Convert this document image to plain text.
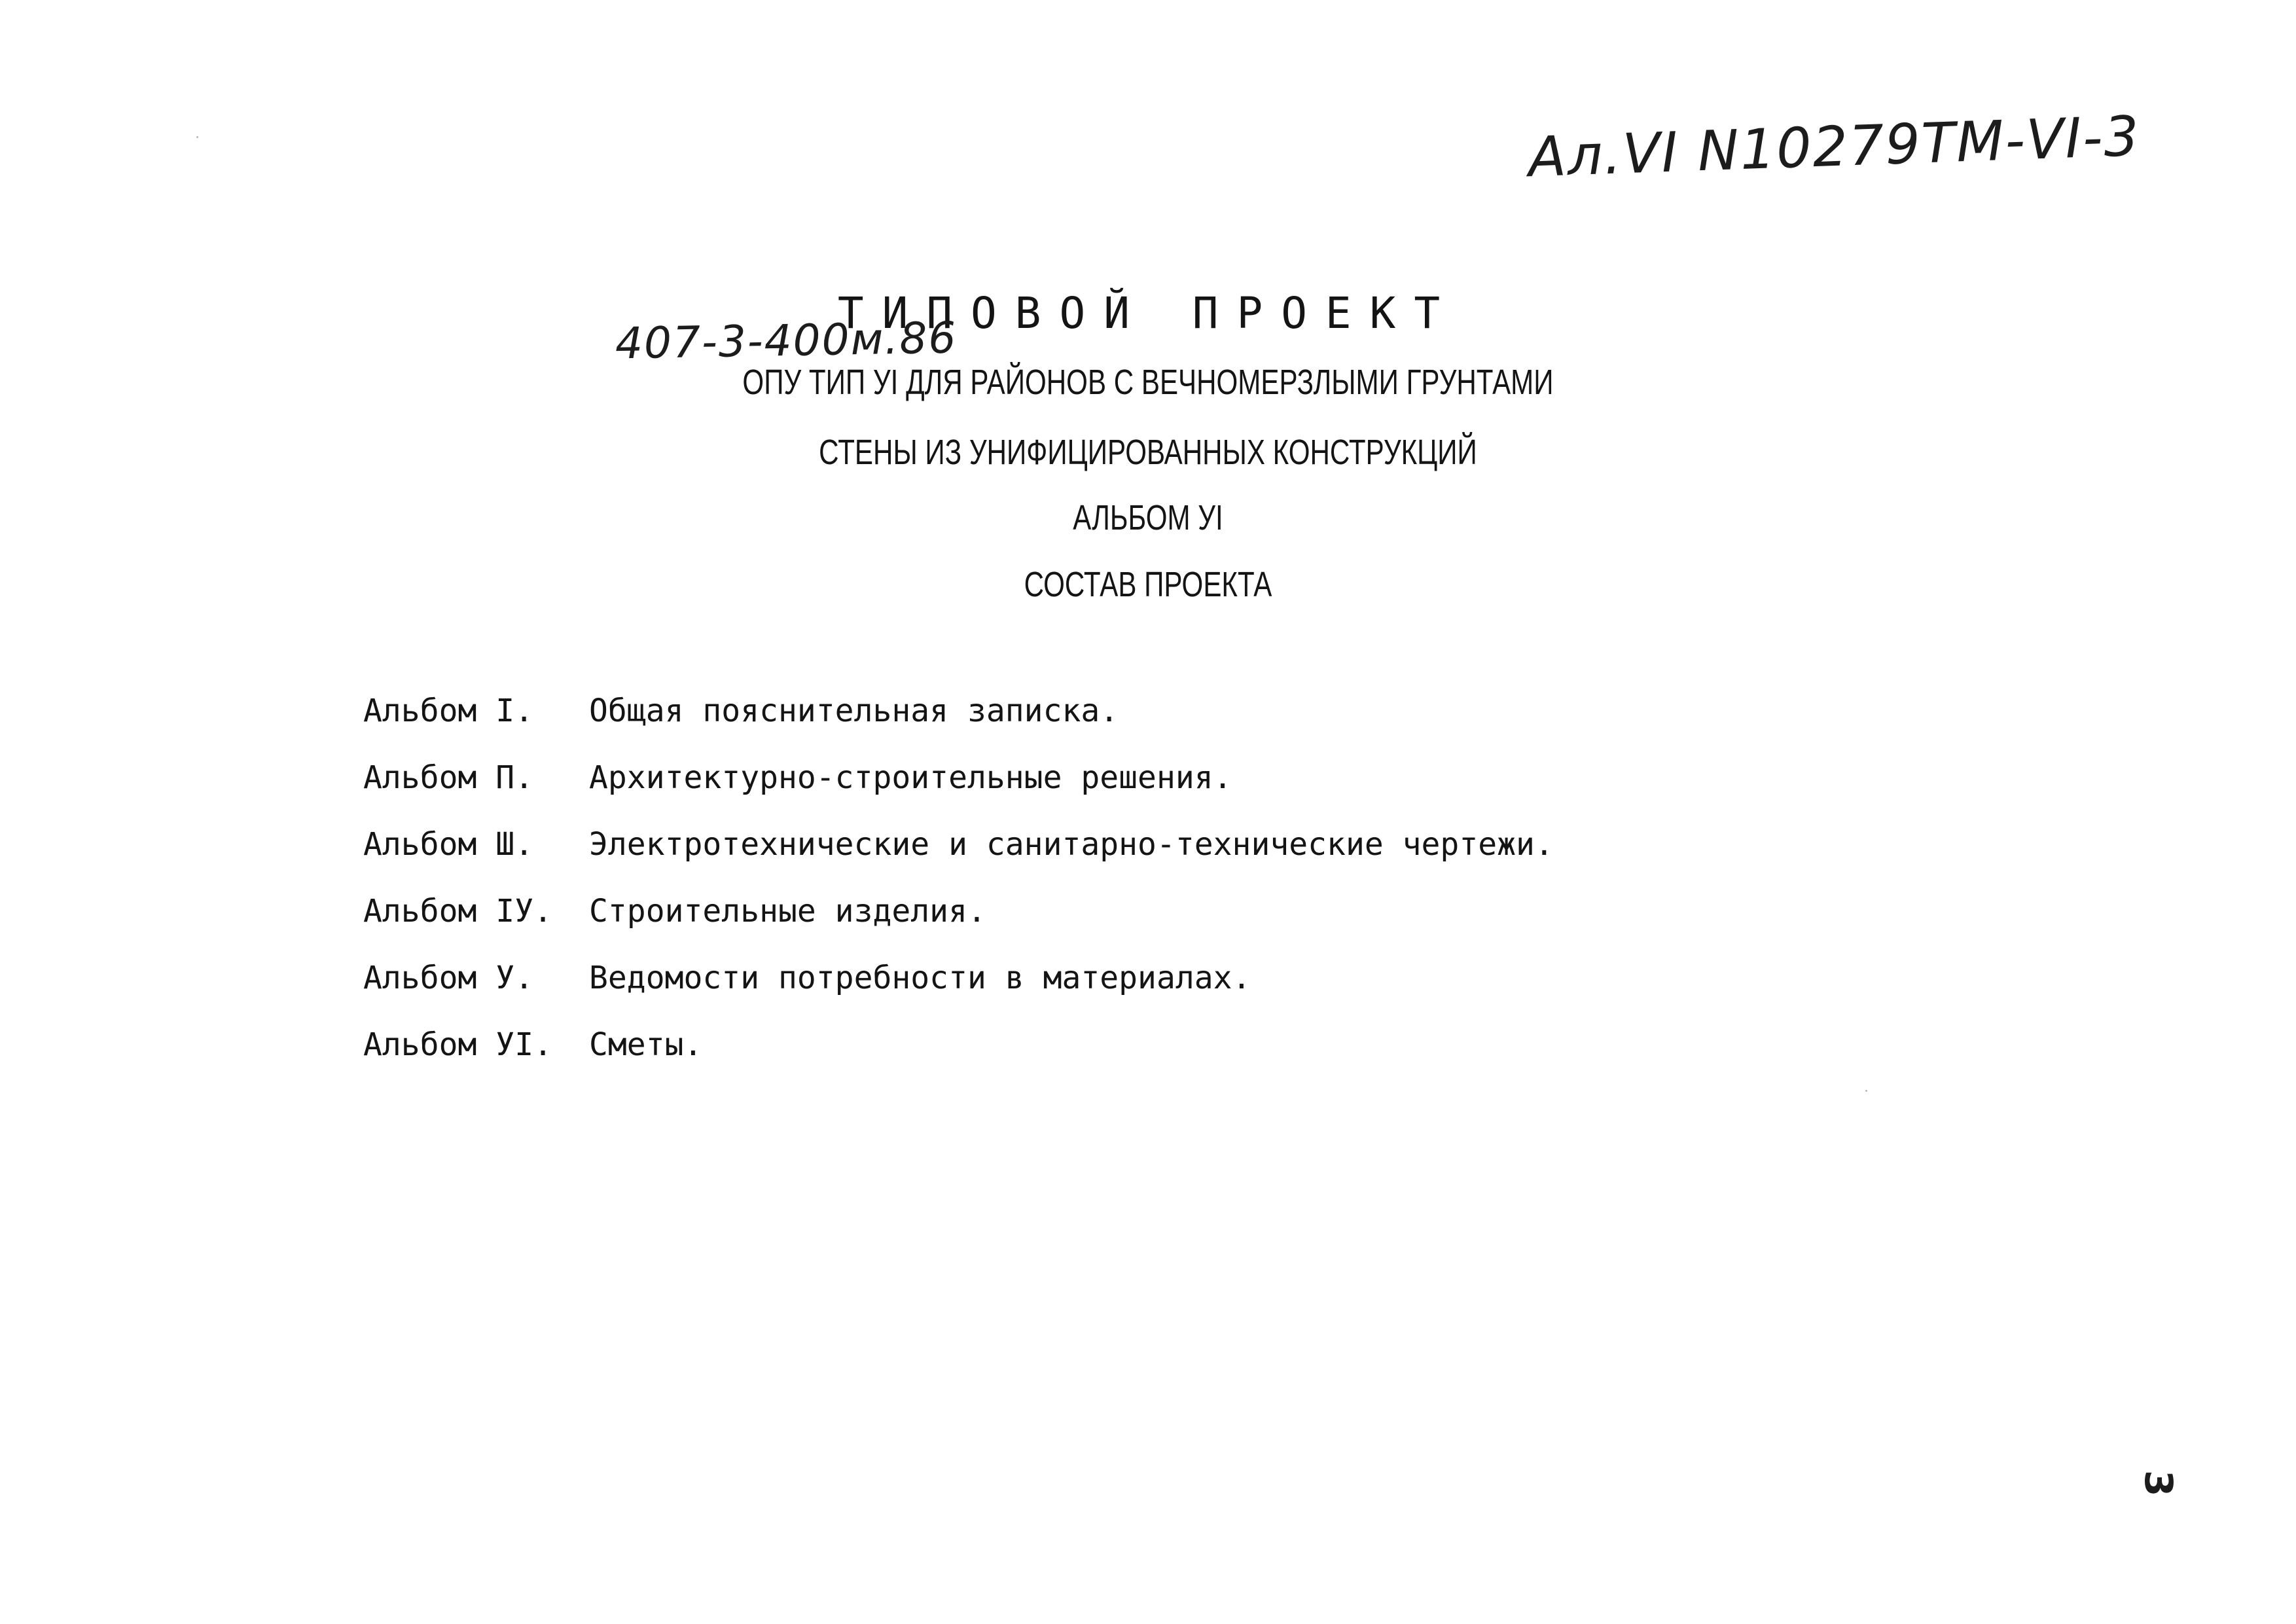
Ал.VI N10279ТМ-VI-3
ТИПОВОЙ ПРОЕКТ
407-3-400м.86
ОПУ ТИП УI ДЛЯ РАЙОНОВ С ВЕЧНОМЕРЗЛЫМИ ГРУНТАМИ
СТЕНЫ ИЗ УНИФИЦИРОВАННЫХ КОНСТРУКЦИЙ
АЛЬБОМ УI
СОСТАВ ПРОЕКТА
Альбом I.	Общая пояснительная записка.
Альбом П.	Архитектурно-строительные решения.
Альбом Ш.	Электротехнические и санитарно-технические чертежи.
Альбом IУ.	Строительные изделия.
Альбом У.	Ведомости потребности в материалах.
Альбом УI.	Сметы.
3
